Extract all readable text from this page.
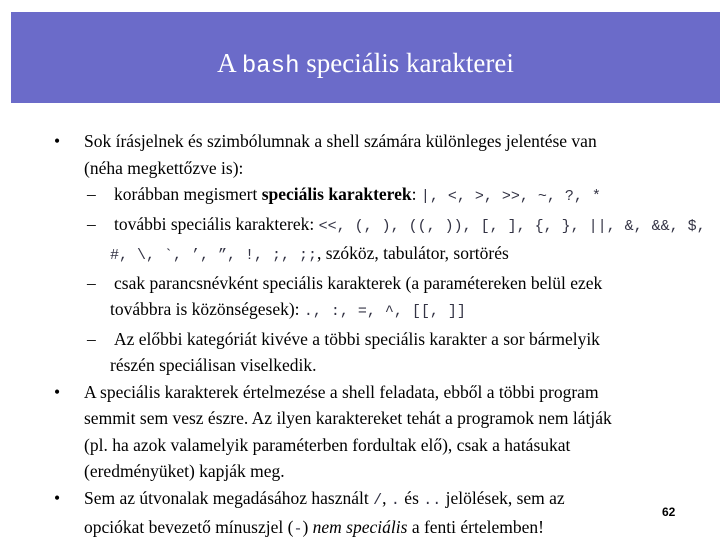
A bash speciális karakterei
• Sok írásjelnek és szimbólumnak a shell számára különleges jelentése van
(néha megkettőzve is):
– korábban megismert speciális karakterek: |, <, >, >>, ~, ?, *
– további speciális karakterek: <<, (, ), ((, )), [, ], {, }, ||, &, &&, $,
#, \, `, ’, ”, !, ;, ;;, szóköz, tabulátor, sortörés
– csak parancsnévként speciális karakterek (a paramétereken belül ezek
továbbra is közönségesek): ., :, =, ^, [[, ]]
– Az előbbi kategóriát kivéve a többi speciális karakter a sor bármelyik
részén speciálisan viselkedik.
• A speciális karakterek értelmezése a shell feladata, ebből a többi program
semmit sem vesz észre. Az ilyen karaktereket tehát a programok nem látják
(pl. ha azok valamelyik paraméterben fordultak elő), csak a hatásukat
(eredményüket) kapják meg.
• Sem az útvonalak megadásához használt /, . és .. jelölések, sem az
opciókat bevezető mínuszjel (-) nem speciális a fenti értelemben!
62
